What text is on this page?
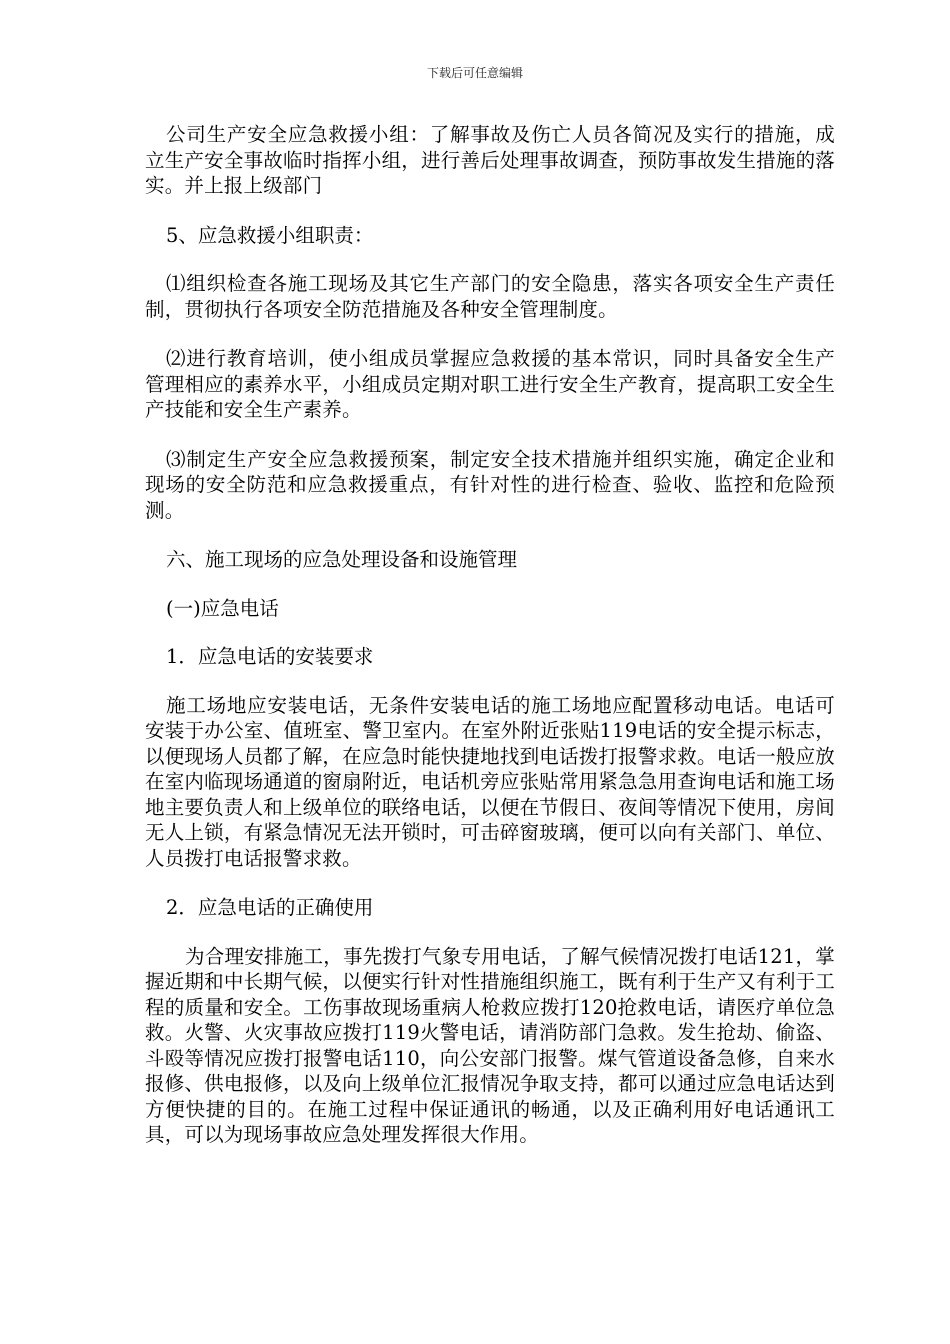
下载后可任意编辑

公司生产安全应急救援小组：了解事故及伤亡人员各简况及实行的措施，成立生产安全事故临时指挥小组，进行善后处理事故调查，预防事故发生措施的落实。并上报上级部门

5、应急救援小组职责：

⑴组织检查各施工现场及其它生产部门的安全隐患，落实各项安全生产责任制，贯彻执行各项安全防范措施及各种安全管理制度。

⑵进行教育培训，使小组成员掌握应急救援的基本常识，同时具备安全生产管理相应的素养水平，小组成员定期对职工进行安全生产教育，提高职工安全生产技能和安全生产素养。

⑶制定生产安全应急救援预案，制定安全技术措施并组织实施，确定企业和现场的安全防范和应急救援重点，有针对性的进行检查、验收、监控和危险预测。

六、施工现场的应急处理设备和设施管理

(一)应急电话

1．应急电话的安装要求

施工场地应安装电话，无条件安装电话的施工场地应配置移动电话。电话可安装于办公室、值班室、警卫室内。在室外附近张贴119电话的安全提示标志，以便现场人员都了解，在应急时能快捷地找到电话拨打报警求救。电话一般应放在室内临现场通道的窗扇附近，电话机旁应张贴常用紧急急用查询电话和施工场地主要负责人和上级单位的联络电话，以便在节假日、夜间等情况下使用，房间无人上锁，有紧急情况无法开锁时，可击碎窗玻璃，便可以向有关部门、单位、人员拨打电话报警求救。

2．应急电话的正确使用

为合理安排施工，事先拨打气象专用电话，了解气候情况拨打电话121，掌握近期和中长期气候，以便实行针对性措施组织施工，既有利于生产又有利于工程的质量和安全。工伤事故现场重病人枪救应拨打120抢救电话，请医疗单位急救。火警、火灾事故应拨打119火警电话，请消防部门急救。发生抢劫、偷盗、斗殴等情况应拨打报警电话110，向公安部门报警。煤气管道设备急修，自来水报修、供电报修，以及向上级单位汇报情况争取支持，都可以通过应急电话达到方便快捷的目的。在施工过程中保证通讯的畅通，以及正确利用好电话通讯工具，可以为现场事故应急处理发挥很大作用。
